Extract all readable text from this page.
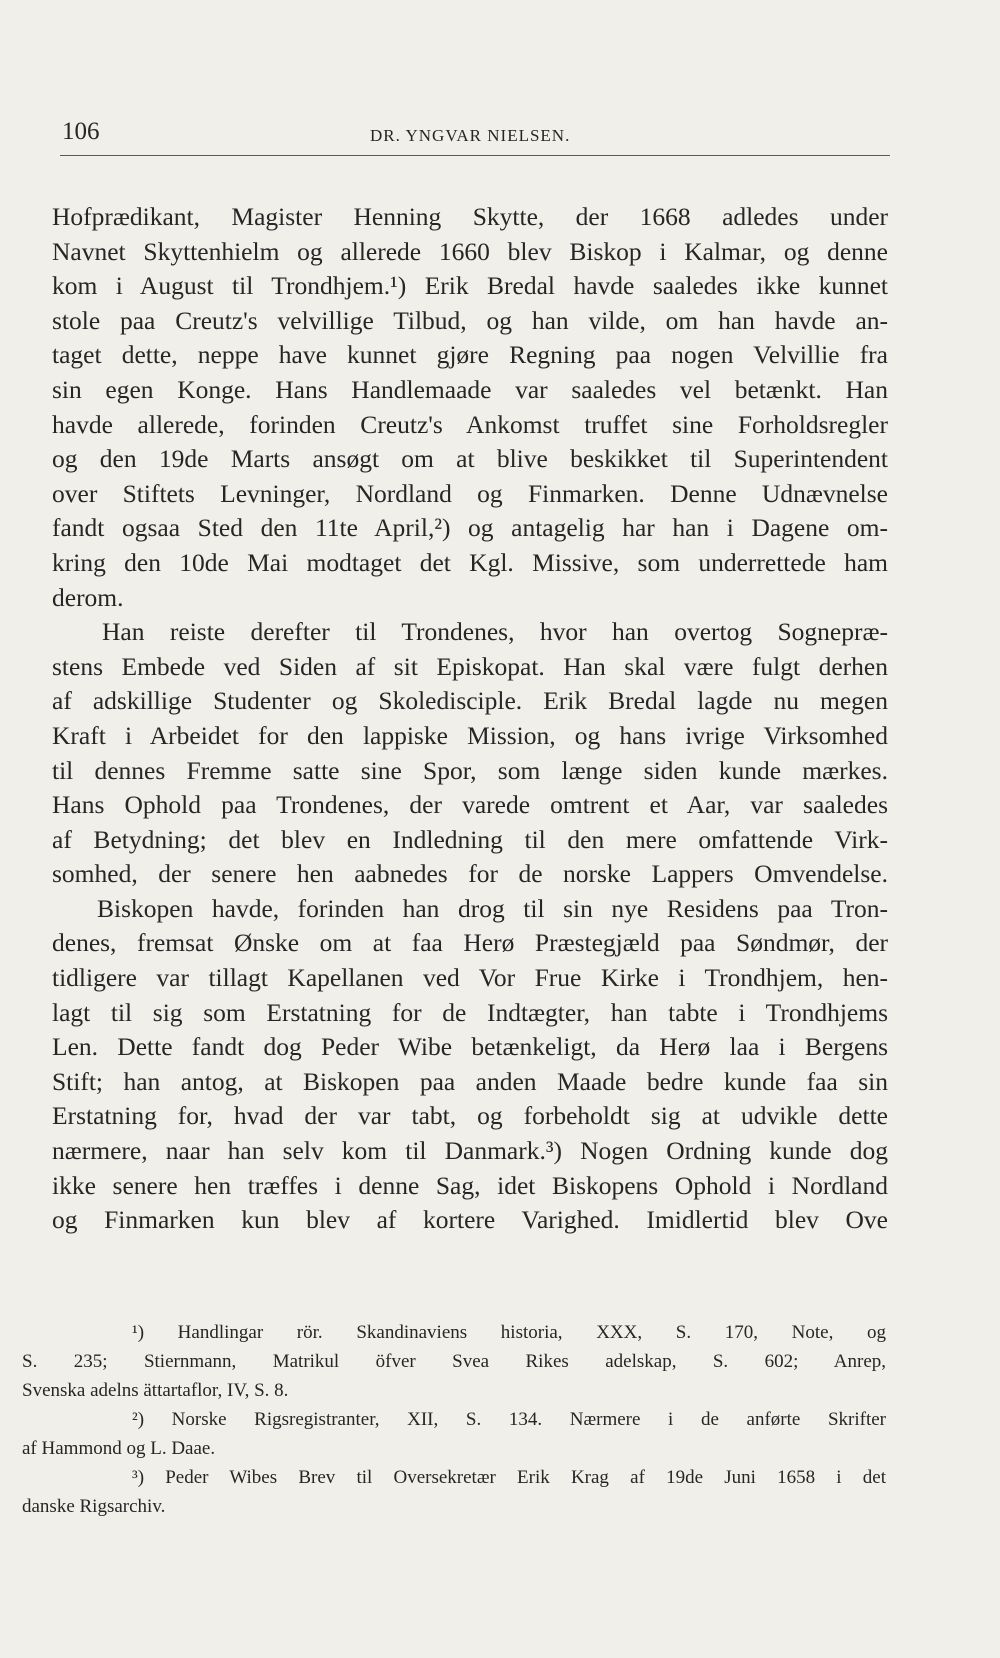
106	DR. YNGVAR NIELSEN.
Hofprædikant, Magister Henning Skytte, der 1668 adledes under
Navnet Skyttenhielm og allerede 1660 blev Biskop i Kalmar, og denne
kom i August til Trondhjem.¹) Erik Bredal havde saaledes ikke kunnet
stole paa Creutz's velvillige Tilbud, og han vilde, om han havde an-
taget dette, neppe have kunnet gjøre Regning paa nogen Velvillie fra
sin egen Konge. Hans Handlemaade var saaledes vel betænkt. Han
havde allerede, forinden Creutz's Ankomst truffet sine Forholdsregler
og den 19de Marts ansøgt om at blive beskikket til Superintendent
over Stiftets Levninger, Nordland og Finmarken. Denne Udnævnelse
fandt ogsaa Sted den 11te April,²) og antagelig har han i Dagene om-
kring den 10de Mai modtaget det Kgl. Missive, som underrettede ham
derom.
Han reiste derefter til Trondenes, hvor han overtog Sognepræ-
stens Embede ved Siden af sit Episkopat. Han skal være fulgt derhen
af adskillige Studenter og Skoledisciple. Erik Bredal lagde nu megen
Kraft i Arbeidet for den lappiske Mission, og hans ivrige Virksomhed
til dennes Fremme satte sine Spor, som længe siden kunde mærkes.
Hans Ophold paa Trondenes, der varede omtrent et Aar, var saaledes
af Betydning; det blev en Indledning til den mere omfattende Virk-
somhed, der senere hen aabnedes for de norske Lappers Omvendelse.
Biskopen havde, forinden han drog til sin nye Residens paa Tron-
denes, fremsat Ønske om at faa Herø Præstegjæld paa Søndmør, der
tidligere var tillagt Kapellanen ved Vor Frue Kirke i Trondhjem, hen-
lagt til sig som Erstatning for de Indtægter, han tabte i Trondhjems
Len. Dette fandt dog Peder Wibe betænkeligt, da Herø laa i Bergens
Stift; han antog, at Biskopen paa anden Maade bedre kunde faa sin
Erstatning for, hvad der var tabt, og forbeholdt sig at udvikle dette
nærmere, naar han selv kom til Danmark.³) Nogen Ordning kunde dog
ikke senere hen træffes i denne Sag, idet Biskopens Ophold i Nordland
og Finmarken kun blev af kortere Varighed. Imidlertid blev Ove
¹) Handlingar rör. Skandinaviens historia, XXX, S. 170, Note, og
S. 235; Stiernmann, Matrikul öfver Svea Rikes adelskap, S. 602; Anrep,
Svenska adelns ättartaflor, IV, S. 8.
²) Norske Rigsregistranter, XII, S. 134. Nærmere i de anførte Skrifter
af Hammond og L. Daae.
³) Peder Wibes Brev til Oversekretær Erik Krag af 19de Juni 1658 i det
danske Rigsarchiv.
